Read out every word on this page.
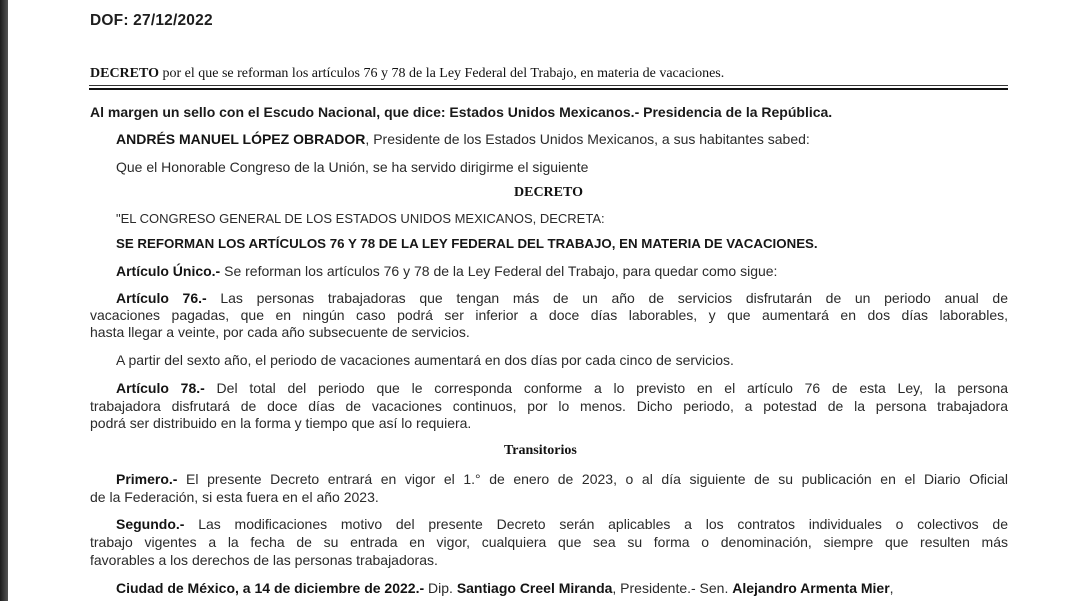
DOF: 27/12/2022
DECRETO por el que se reforman los artículos 76 y 78 de la Ley Federal del Trabajo, en materia de vacaciones.
Al margen un sello con el Escudo Nacional, que dice: Estados Unidos Mexicanos.- Presidencia de la República.
ANDRÉS MANUEL LÓPEZ OBRADOR, Presidente de los Estados Unidos Mexicanos, a sus habitantes sabed:
Que el Honorable Congreso de la Unión, se ha servido dirigirme el siguiente
DECRETO
"EL CONGRESO GENERAL DE LOS ESTADOS UNIDOS MEXICANOS, DECRETA:
SE REFORMAN LOS ARTÍCULOS 76 Y 78 DE LA LEY FEDERAL DEL TRABAJO, EN MATERIA DE VACACIONES.
Artículo Único.- Se reforman los artículos 76 y 78 de la Ley Federal del Trabajo, para quedar como sigue:
Artículo 76.- Las personas trabajadoras que tengan más de un año de servicios disfrutarán de un periodo anual de
vacaciones pagadas, que en ningún caso podrá ser inferior a doce días laborables, y que aumentará en dos días laborables,
hasta llegar a veinte, por cada año subsecuente de servicios.
A partir del sexto año, el periodo de vacaciones aumentará en dos días por cada cinco de servicios.
Artículo 78.- Del total del periodo que le corresponda conforme a lo previsto en el artículo 76 de esta Ley, la persona
trabajadora disfrutará de doce días de vacaciones continuos, por lo menos. Dicho periodo, a potestad de la persona trabajadora
podrá ser distribuido en la forma y tiempo que así lo requiera.
Transitorios
Primero.- El presente Decreto entrará en vigor el 1.° de enero de 2023, o al día siguiente de su publicación en el Diario Oficial
de la Federación, si esta fuera en el año 2023.
Segundo.- Las modificaciones motivo del presente Decreto serán aplicables a los contratos individuales o colectivos de
trabajo vigentes a la fecha de su entrada en vigor, cualquiera que sea su forma o denominación, siempre que resulten más
favorables a los derechos de las personas trabajadoras.
Ciudad de México, a 14 de diciembre de 2022.- Dip. Santiago Creel Miranda, Presidente.- Sen. Alejandro Armenta Mier,
